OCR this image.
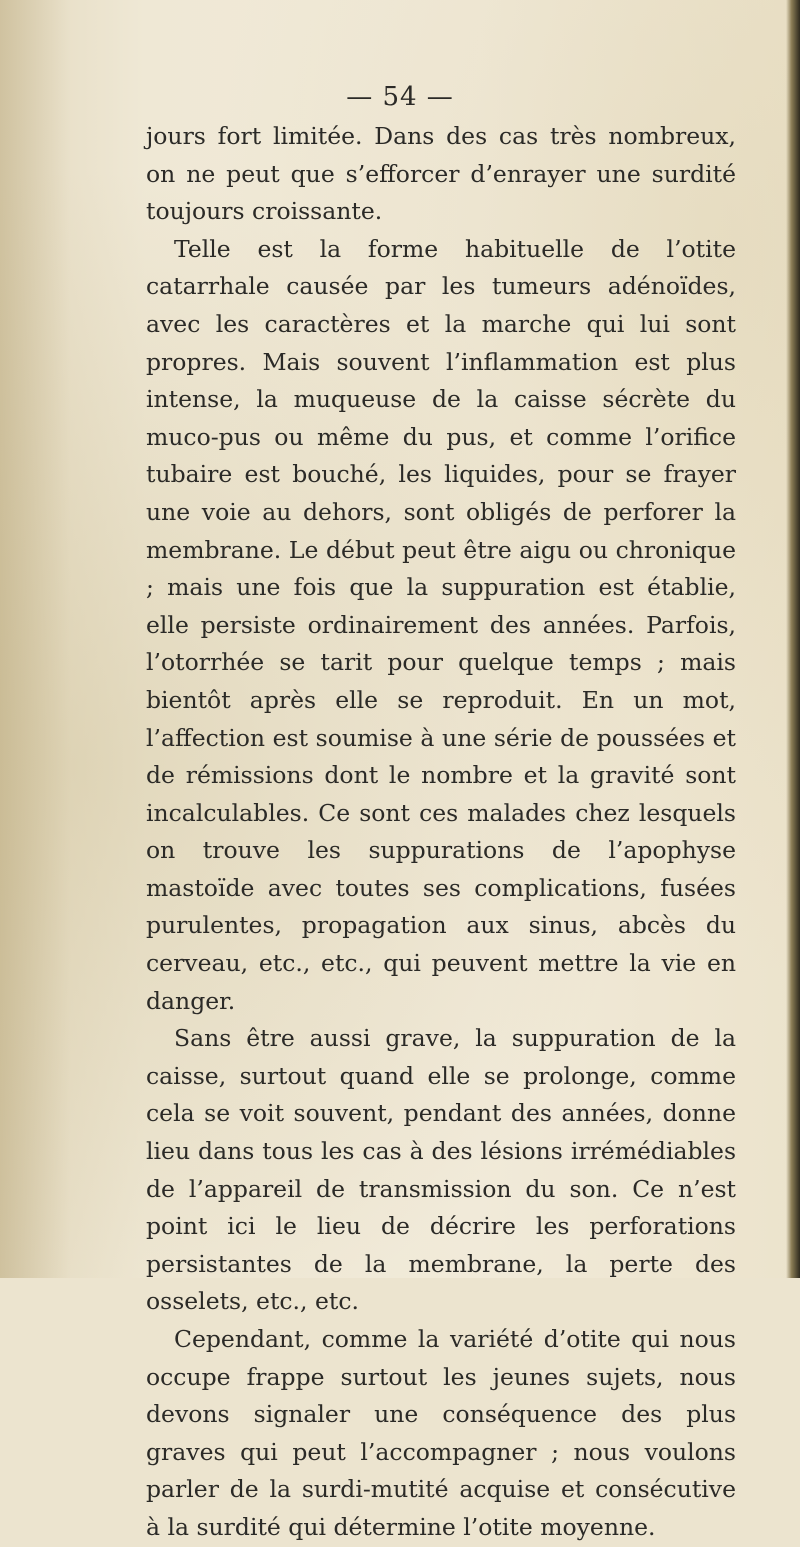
— 54 —

jours fort limitée. Dans des cas très nombreux, on ne peut que s’efforcer d’enrayer une surdité toujours croissante.

Telle est la forme habituelle de l’otite catarrhale causée par les tumeurs adénoïdes, avec les caractères et la marche qui lui sont propres. Mais souvent l’inflammation est plus intense, la muqueuse de la caisse sécrète du muco-pus ou même du pus, et comme l’orifice tubaire est bouché, les liquides, pour se frayer une voie au dehors, sont obligés de perforer la membrane. Le début peut être aigu ou chronique ; mais une fois que la suppuration est établie, elle persiste ordinairement des années. Parfois, l’otorrhée se tarit pour quelque temps ; mais bientôt après elle se reproduit. En un mot, l’affection est soumise à une série de poussées et de rémissions dont le nombre et la gravité sont incalculables. Ce sont ces malades chez lesquels on trouve les suppurations de l’apophyse mastoïde avec toutes ses complications, fusées purulentes, propagation aux sinus, abcès du cerveau, etc., etc., qui peuvent mettre la vie en danger.

Sans être aussi grave, la suppuration de la caisse, surtout quand elle se prolonge, comme cela se voit souvent, pendant des années, donne lieu dans tous les cas à des lésions irrémédiables de l’appareil de transmission du son. Ce n’est point ici le lieu de décrire les perforations persistantes de la membrane, la perte des osselets, etc., etc.

Cependant, comme la variété d’otite qui nous occupe frappe surtout les jeunes sujets, nous devons signaler une conséquence des plus graves qui peut l’accompagner ; nous voulons parler de la surdi-mutité acquise et consécutive à la surdité qui détermine l’otite moyenne.
